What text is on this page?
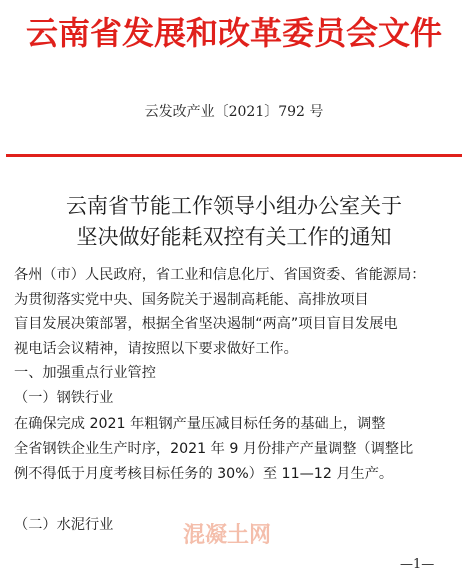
云南省发展和改革委员会文件
云发改产业〔2021〕792 号
云南省节能工作领导小组办公室关于
坚决做好能耗双控有关工作的通知
各州（市）人民政府，省工业和信息化厅、省国资委、省能源局：
为贯彻落实党中央、国务院关于遏制高耗能、高排放项目
盲目发展决策部署，根据全省坚决遏制“两高”项目盲目发展电
视电话会议精神，请按照以下要求做好工作。
一、加强重点行业管控
（一）钢铁行业
在确保完成 2021 年粗钢产量压减目标任务的基础上，调整
全省钢铁企业生产时序，2021 年 9 月份排产产量调整（调整比
例不得低于月度考核目标任务的 30%）至 11—12 月生产。
（二）水泥行业	混凝土网
—1—
